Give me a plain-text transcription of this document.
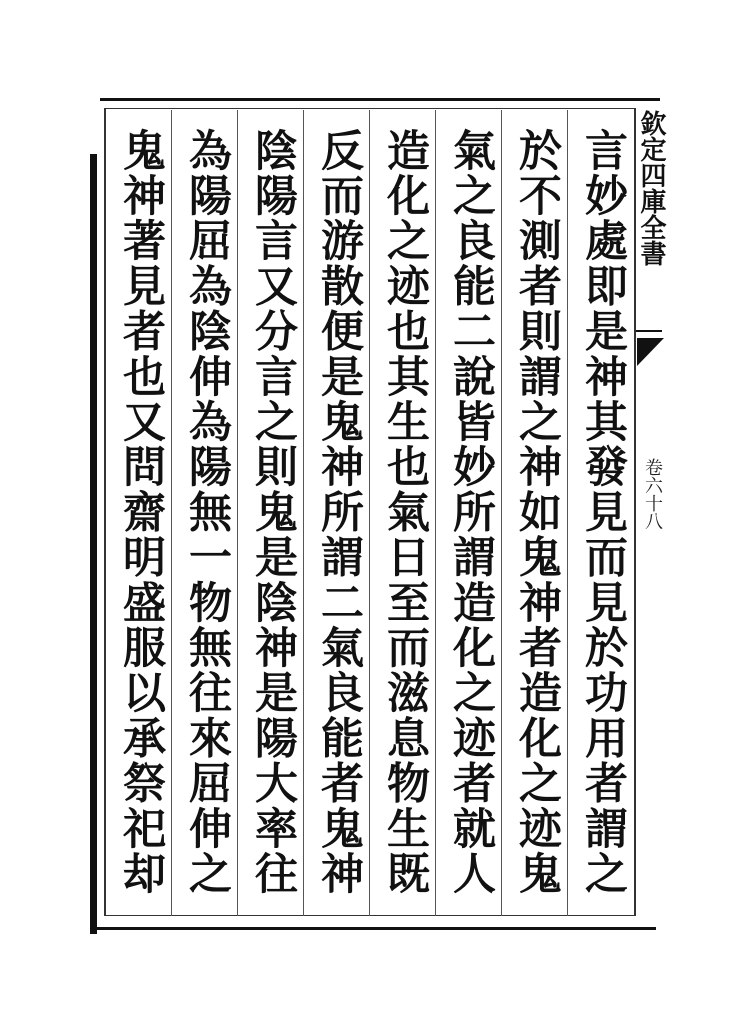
欽定四庫全書
卷六十八
言妙處即是神其發見而見於功用者謂之
於不測者則謂之神如鬼神者造化之迹鬼
氣之良能二說皆妙所謂造化之迹者就人
造化之迹也其生也氣日至而滋息物生既
反而游散便是鬼神所謂二氣良能者鬼神
陰陽言又分言之則鬼是陰神是陽大率往
為陽屈為陰伸為陽無一物無往來屈伸之
鬼神著見者也又問齋明盛服以承祭祀却
